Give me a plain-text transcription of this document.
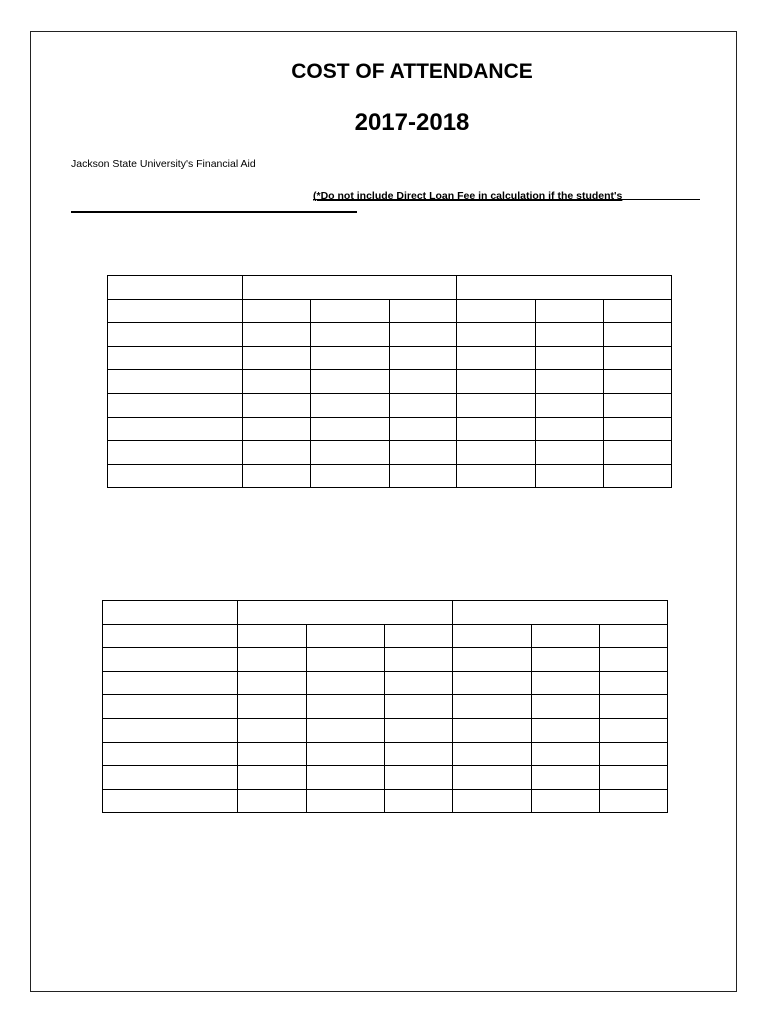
COST OF ATTENDANCE
2017-2018
Jackson State University's Financial Aid
(*Do not include Direct Loan Fee in calculation if the student's
